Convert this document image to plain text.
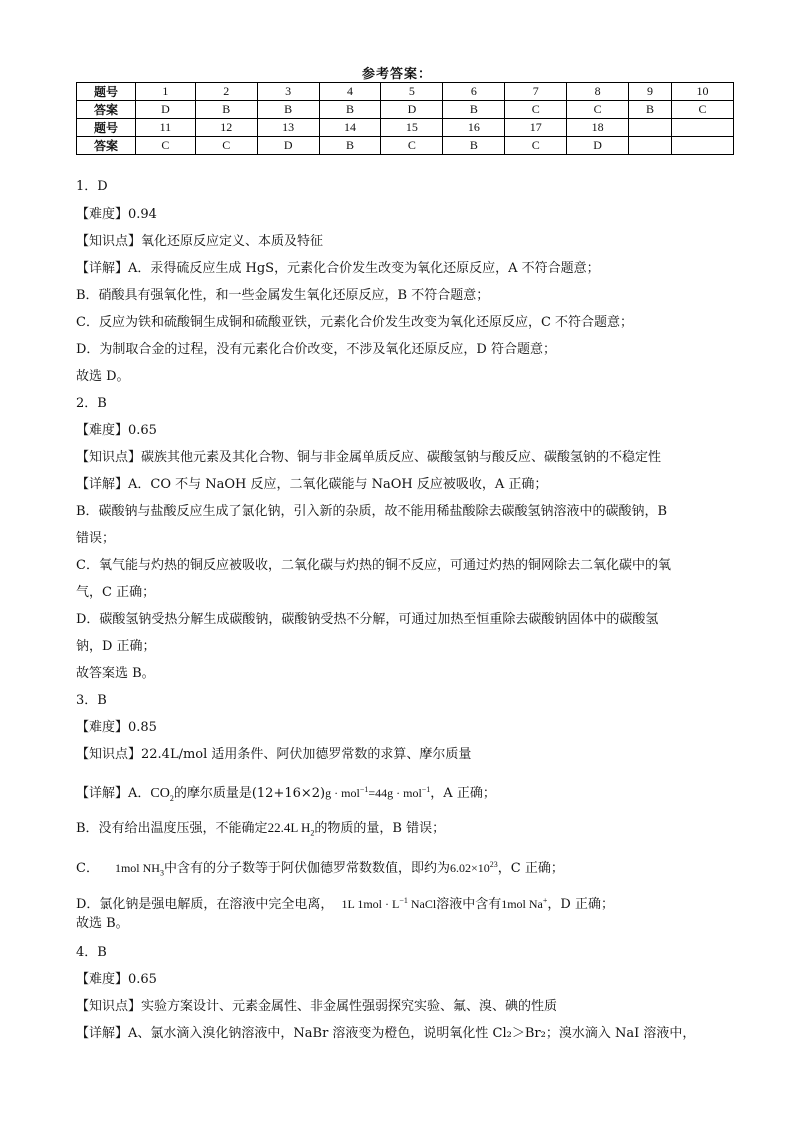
参考答案：
题号	1	2	3	4	5	6	7	8	9	10
答案	D	B	B	B	D	B	C	C	B	C
题号	11	12	13	14	15	16	17	18		
答案	C	C	D	B	C	B	C	D		
1．D
【难度】0.94
【知识点】氧化还原反应定义、本质及特征
【详解】A．汞得硫反应生成 HgS，元素化合价发生改变为氧化还原反应，A 不符合题意；
B．硝酸具有强氧化性，和一些金属发生氧化还原反应，B 不符合题意；
C．反应为铁和硫酸铜生成铜和硫酸亚铁，元素化合价发生改变为氧化还原反应，C 不符合题意；
D．为制取合金的过程，没有元素化合价改变，不涉及氧化还原反应，D 符合题意；
故选 D。
2．B
【难度】0.65
【知识点】碳族其他元素及其化合物、铜与非金属单质反应、碳酸氢钠与酸反应、碳酸氢钠的不稳定性
【详解】A．CO 不与 NaOH 反应，二氧化碳能与 NaOH 反应被吸收，A 正确；
B．碳酸钠与盐酸反应生成了氯化钠，引入新的杂质，故不能用稀盐酸除去碳酸氢钠溶液中的碳酸钠，B
错误；
C．氧气能与灼热的铜反应被吸收，二氧化碳与灼热的铜不反应，可通过灼热的铜网除去二氧化碳中的氧
气，C 正确；
D．碳酸氢钠受热分解生成碳酸钠，碳酸钠受热不分解，可通过加热至恒重除去碳酸钠固体中的碳酸氢
钠，D 正确；
故答案选 B。
3．B
【难度】0.85
【知识点】22.4L/mol 适用条件、阿伏加德罗常数的求算、摩尔质量
【详解】A．$CO_2$的摩尔质量是(12+16×2)g · mol$^{-1}$=44g · mol$^{-1}$，A 正确；
B．没有给出温度压强，不能确定22.4L $H_2$的物质的量，B 错误；
C． 1mol $NH_3$中含有的分子数等于阿伏伽德罗常数数值，即约为$6.02\times 10^{23}$，C 正确；
D．氯化钠是强电解质，在溶液中完全电离， 1L $1mol \cdot L^{-1}$ NaCl溶液中含有1mol Na+，D 正确；
故选 B。
4．B
【难度】0.65
【知识点】实验方案设计、元素金属性、非金属性强弱探究实验、氟、溴、碘的性质
【详解】A、氯水滴入溴化钠溶液中，NaBr 溶液变为橙色，说明氧化性 Cl₂＞Br₂；溴水滴入 NaI 溶液中，
